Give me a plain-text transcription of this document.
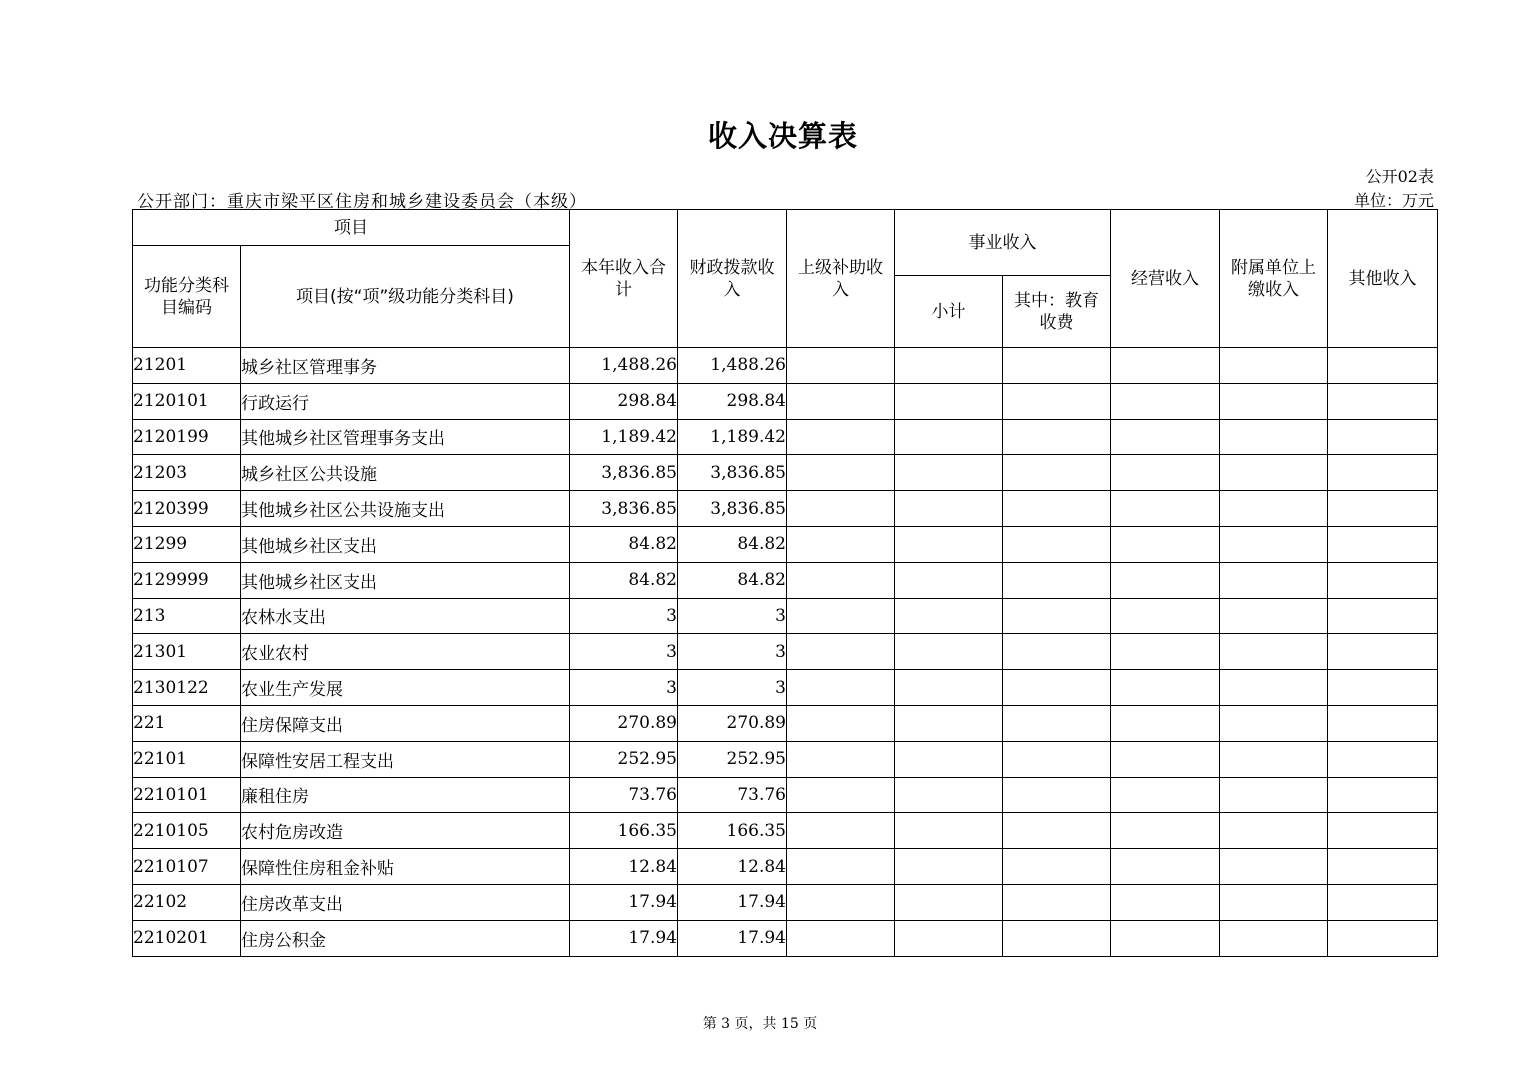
收入决算表
公开02表
公开部门：重庆市梁平区住房和城乡建设委员会（本级）	单位：万元
项目		本年收入合计	财政拨款收入	上级补助收入	事业收入		经营收入	附属单位上缴收入	其他收入
功能分类科目编码	项目(按“项”级功能分类科目)								
					小计	其中：教育收费			
21201	城乡社区管理事务	1,488.26	1,488.26						
2120101	行政运行	298.84	298.84						
2120199	其他城乡社区管理事务支出	1,189.42	1,189.42						
21203	城乡社区公共设施	3,836.85	3,836.85						
2120399	其他城乡社区公共设施支出	3,836.85	3,836.85						
21299	其他城乡社区支出	84.82	84.82						
2129999	其他城乡社区支出	84.82	84.82						
213	农林水支出	3	3						
21301	农业农村	3	3						
2130122	农业生产发展	3	3						
221	住房保障支出	270.89	270.89						
22101	保障性安居工程支出	252.95	252.95						
2210101	廉租住房	73.76	73.76						
2210105	农村危房改造	166.35	166.35						
2210107	保障性住房租金补贴	12.84	12.84						
22102	住房改革支出	17.94	17.94						
2210201	住房公积金	17.94	17.94						
第 3 页，共 15 页
